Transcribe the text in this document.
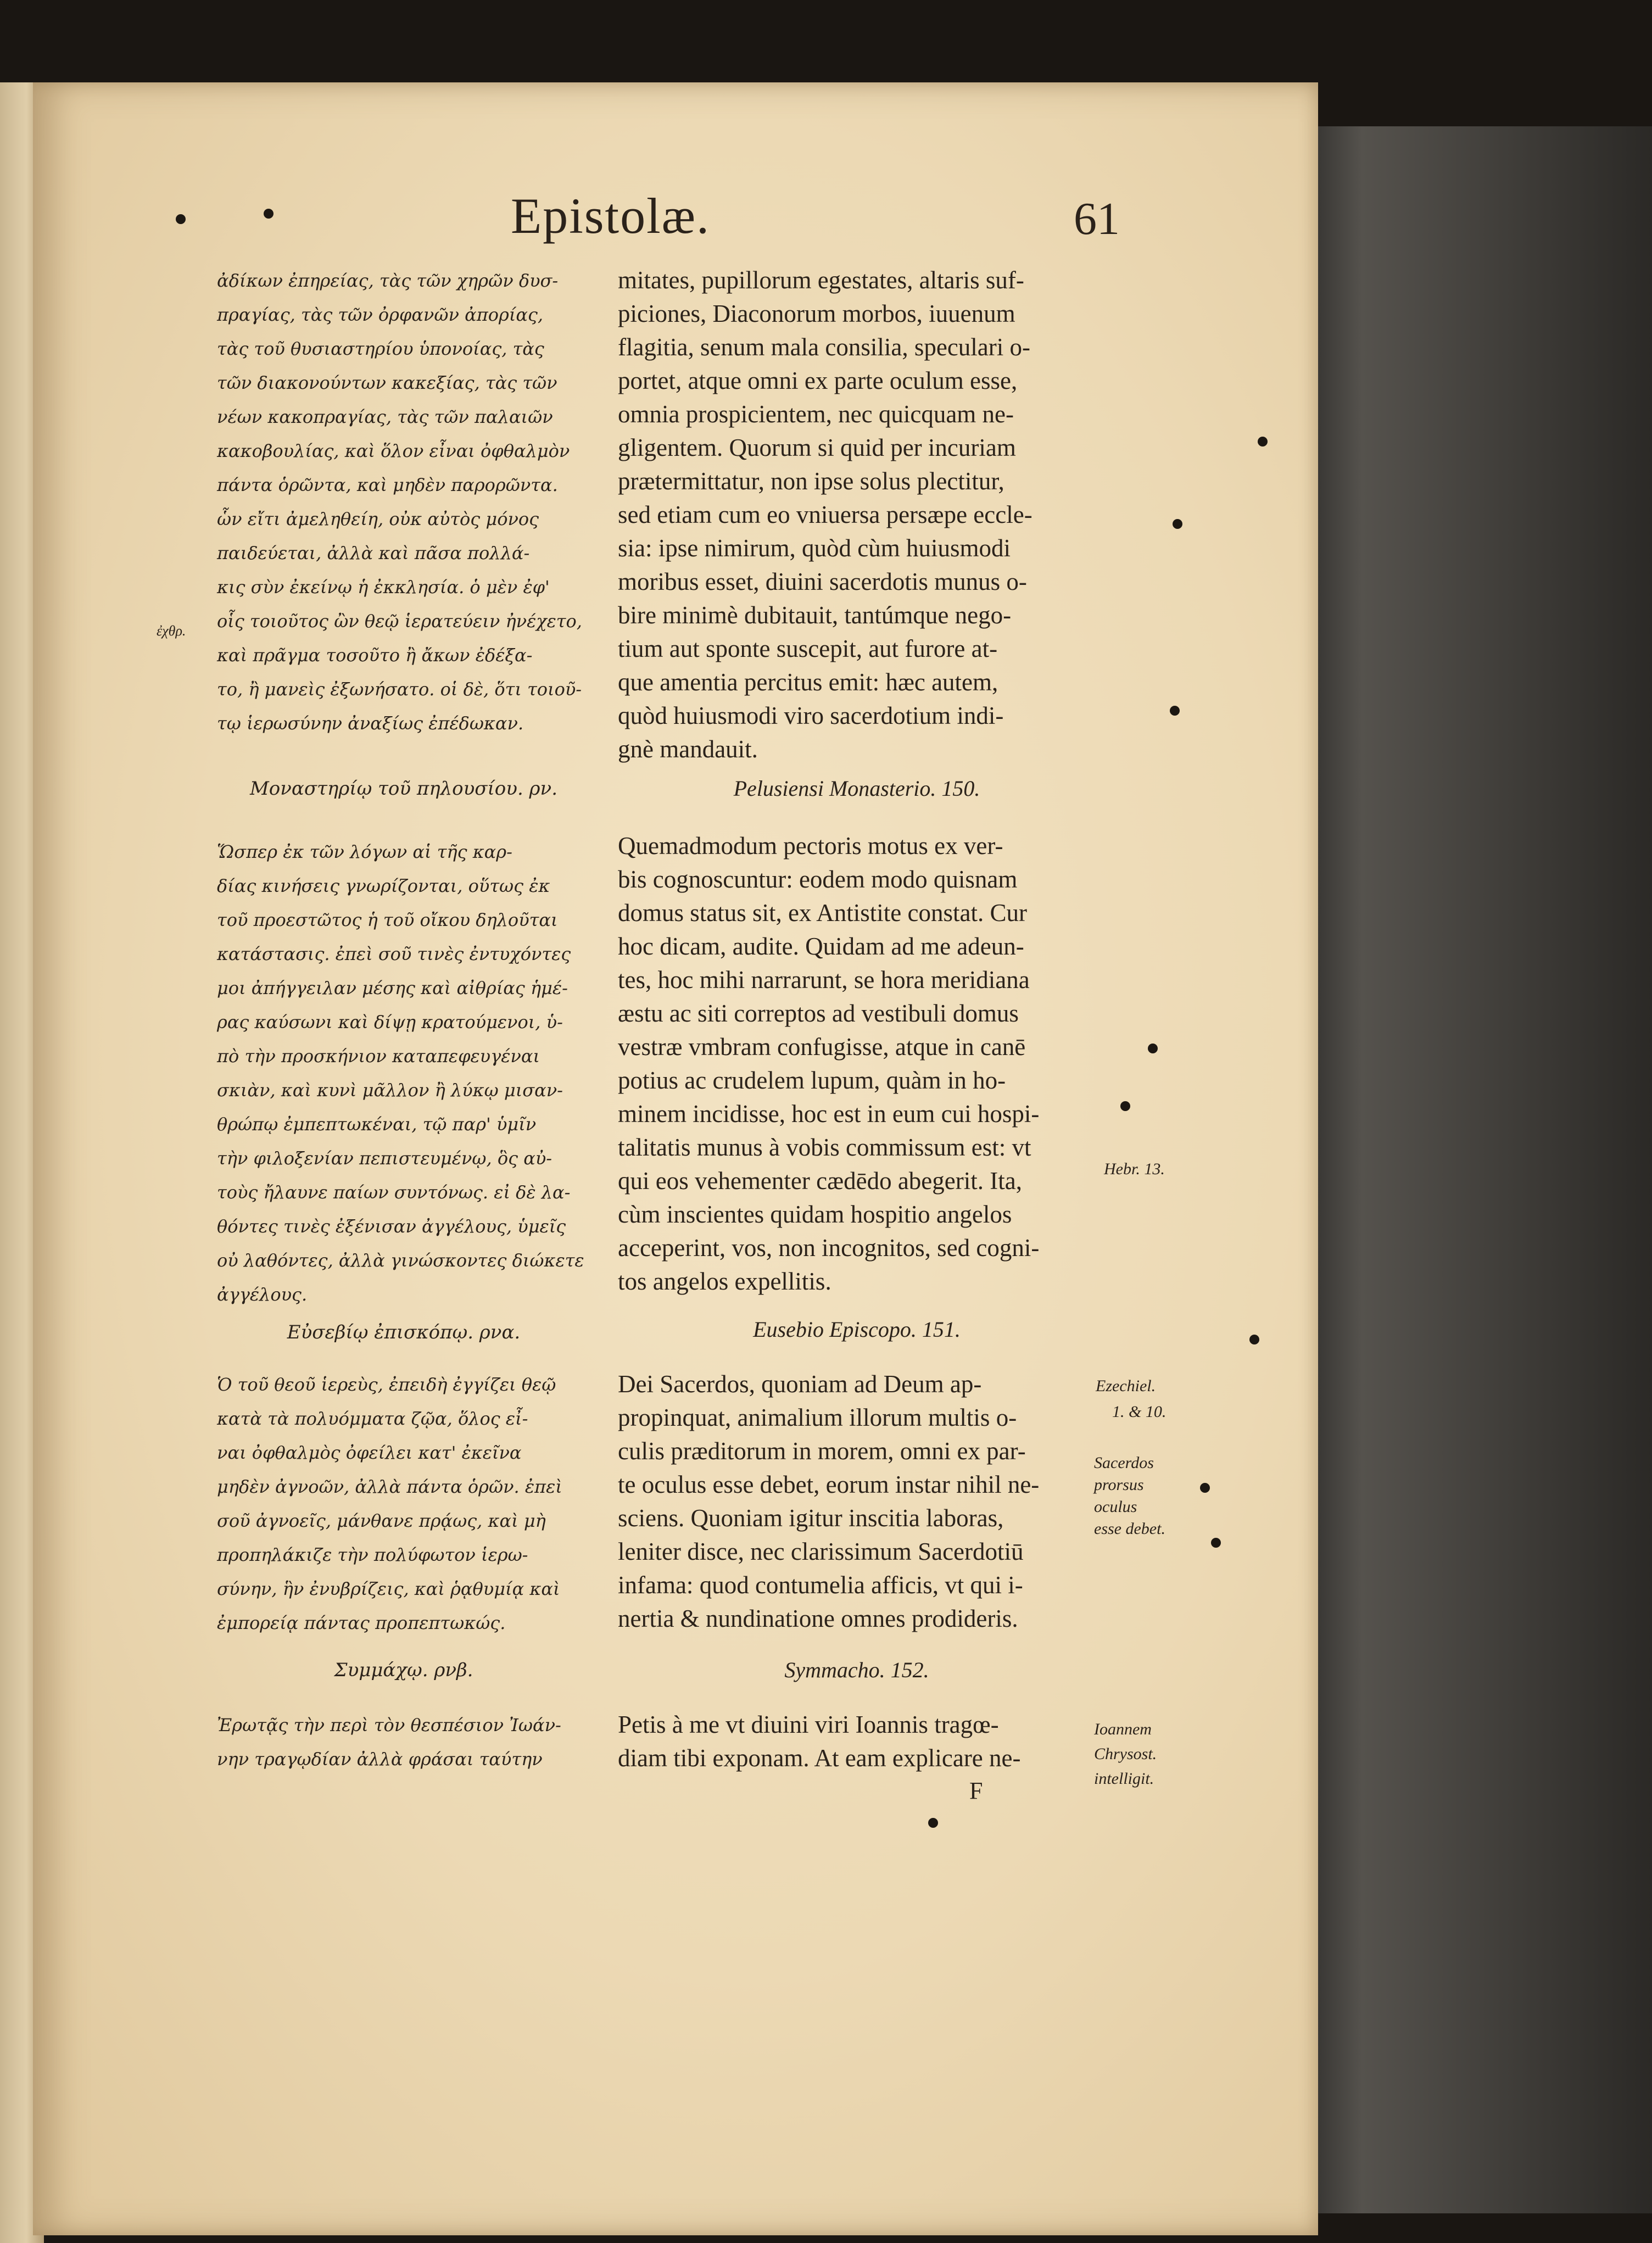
Epistolæ.	61

ἀδίκων ἐπηρείας, τὰς τῶν χηρῶν δυσ-

πραγίας, τὰς τῶν ὀρφανῶν ἀπορίας,

τὰς τοῦ θυσιαστηρίου ὑπονοίας, τὰς

τῶν διακονούντων κακεξίας, τὰς τῶν

νέων κακοπραγίας, τὰς τῶν παλαιῶν

κακοβουλίας, καὶ ὅλον εἶναι ὀφθαλμὸν

πάντα ὁρῶντα, καὶ μηδὲν παρορῶντα.

ὧν εἴτι ἀμεληθείη, οὐκ αὐτὸς μόνος

παιδεύεται, ἀλλὰ καὶ πᾶσα πολλά-

κις σὺν ἐκείνῳ ἡ ἐκκλησία. ὁ μὲν ἐφ'

οἷς τοιοῦτος ὢν θεῷ ἱερατεύειν ἠνέχετο,

καὶ πρᾶγμα τοσοῦτο ἢ ἄκων ἐδέξα-

το, ἢ μανεὶς ἐξωνήσατο. οἱ δὲ, ὅτι τοιοῦ-

τῳ ἱερωσύνην ἀναξίως ἐπέδωκαν.

Μοναστηρίῳ τοῦ πηλουσίου. ρν.

Ὥσπερ ἐκ τῶν λόγων αἱ τῆς καρ-

δίας κινήσεις γνωρίζονται, οὕτως ἐκ

τοῦ προεστῶτος ἡ τοῦ οἴκου δηλοῦται

κατάστασις. ἐπεὶ σοῦ τινὲς ἐντυχόντες

μοι ἀπήγγειλαν μέσης καὶ αἰθρίας ἡμέ-

ρας καύσωνι καὶ δίψῃ κρατούμενοι, ὑ-

πὸ τὴν προσκήνιον καταπεφευγέναι

σκιὰν, καὶ κυνὶ μᾶλλον ἢ λύκῳ μισαν-

θρώπῳ ἐμπεπτωκέναι, τῷ παρ' ὑμῖν

τὴν φιλοξενίαν πεπιστευμένῳ, ὃς αὐ-

τοὺς ἤλαυνε παίων συντόνως. εἰ δὲ λα-

θόντες τινὲς ἐξένισαν ἀγγέλους, ὑμεῖς

οὐ λαθόντες, ἀλλὰ γινώσκοντες διώκετε

ἀγγέλους.

Εὐσεβίῳ ἐπισκόπῳ. ρνα.

Ὁ τοῦ θεοῦ ἱερεὺς, ἐπειδὴ ἐγγίζει θεῷ

κατὰ τὰ πολυόμματα ζῷα, ὅλος εἶ-

ναι ὀφθαλμὸς ὀφείλει κατ' ἐκεῖνα

μηδὲν ἀγνοῶν, ἀλλὰ πάντα ὁρῶν. ἐπεὶ

σοῦ ἀγνοεῖς, μάνθανε πρᾴως, καὶ μὴ

προπηλάκιζε τὴν πολύφωτον ἱερω-

σύνην, ἣν ἐνυβρίζεις, καὶ ῥᾳθυμίᾳ καὶ

ἐμπορείᾳ πάντας προπεπτωκώς.

Συμμάχῳ. ρνβ.

Ἐρωτᾷς τὴν περὶ τὸν θεσπέσιον Ἰωάν-

νην τραγῳδίαν ἀλλὰ φράσαι ταύτην

mitates, pupillorum egestates, altaris suf-

piciones, Diaconorum morbos, iuuenum

flagitia, senum mala consilia, speculari o-

portet, atque omni ex parte oculum esse,

omnia prospicientem, nec quicquam ne-

gligentem. Quorum si quid per incuriam

prætermittatur, non ipse solus plectitur,

sed etiam cum eo vniuersa persæpe eccle-

sia: ipse nimirum, quòd cùm huiusmodi

moribus esset, diuini sacerdotis munus o-

bire minimè dubitauit, tantúmque nego-

tium aut sponte suscepit, aut furore at-

que amentia percitus emit: hæc autem,

quòd huiusmodi viro sacerdotium indi-

gnè mandauit.

Pelusiensi Monasterio. 150.

Quemadmodum pectoris motus ex ver-

bis cognoscuntur: eodem modo quisnam

domus status sit, ex Antistite constat. Cur

hoc dicam, audite. Quidam ad me adeun-

tes, hoc mihi narrarunt, se hora meridiana

æstu ac siti correptos ad vestibuli domus

vestræ vmbram confugisse, atque in canē

potius ac crudelem lupum, quàm in ho-

minem incidisse, hoc est in eum cui hospi-

talitatis munus à vobis commissum est: vt

qui eos vehementer cædēdo abegerit. Ita,

cùm inscientes quidam hospitio angelos

acceperint, vos, non incognitos, sed cogni-

tos angelos expellitis.

Eusebio Episcopo. 151.

Dei Sacerdos, quoniam ad Deum ap-

propinquat, animalium illorum multis o-

culis præditorum in morem, omni ex par-

te oculus esse debet, eorum instar nihil ne-

sciens. Quoniam igitur inscitia laboras,

leniter disce, nec clarissimum Sacerdotiū

infama: quod contumelia afficis, vt qui i-

nertia & nundinatione omnes prodideris.

Symmacho. 152.

Petis à me vt diuini viri Ioannis tragœ-

diam tibi exponam. At eam explicare ne-

F

ἐχθρ.
Hebr. 13.
Ezechiel.
1. & 10.
Sacerdos
prorsus
oculus
esse debet.
Ioannem
Chrysost.
intelligit.
